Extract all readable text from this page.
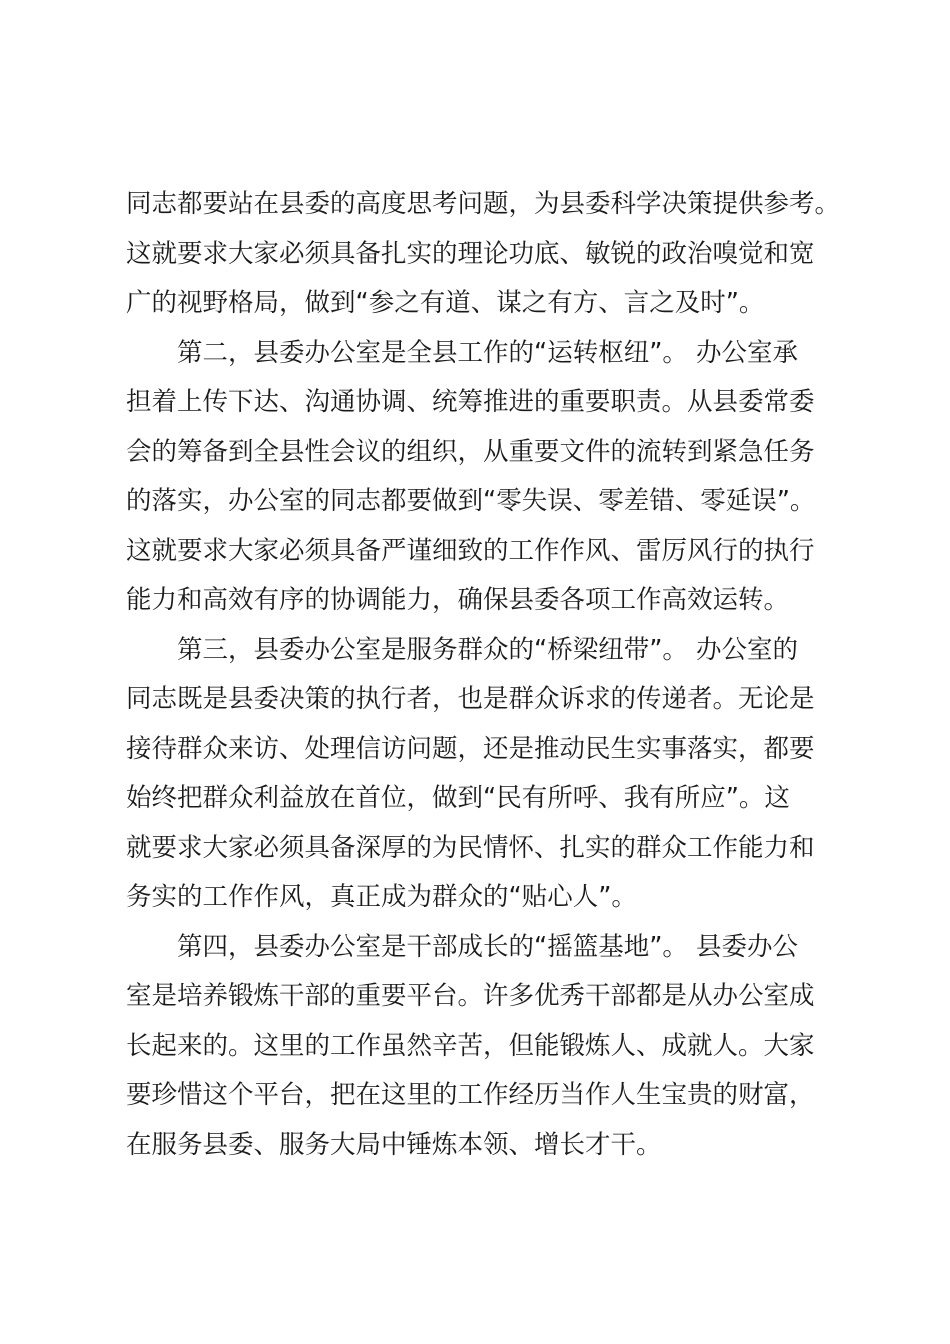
同志都要站在县委的高度思考问题，为县委科学决策提供参考。
这就要求大家必须具备扎实的理论功底、敏锐的政治嗅觉和宽
广的视野格局，做到“参之有道、谋之有方、言之及时”。
第二，县委办公室是全县工作的“运转枢纽”。 办公室承
担着上传下达、沟通协调、统筹推进的重要职责。从县委常委
会的筹备到全县性会议的组织，从重要文件的流转到紧急任务
的落实，办公室的同志都要做到“零失误、零差错、零延误”。
这就要求大家必须具备严谨细致的工作作风、雷厉风行的执行
能力和高效有序的协调能力，确保县委各项工作高效运转。
第三，县委办公室是服务群众的“桥梁纽带”。 办公室的
同志既是县委决策的执行者，也是群众诉求的传递者。无论是
接待群众来访、处理信访问题，还是推动民生实事落实，都要
始终把群众利益放在首位，做到“民有所呼、我有所应”。这
就要求大家必须具备深厚的为民情怀、扎实的群众工作能力和
务实的工作作风，真正成为群众的“贴心人”。
第四，县委办公室是干部成长的“摇篮基地”。 县委办公
室是培养锻炼干部的重要平台。许多优秀干部都是从办公室成
长起来的。这里的工作虽然辛苦，但能锻炼人、成就人。大家
要珍惜这个平台，把在这里的工作经历当作人生宝贵的财富，
在服务县委、服务大局中锤炼本领、增长才干。
